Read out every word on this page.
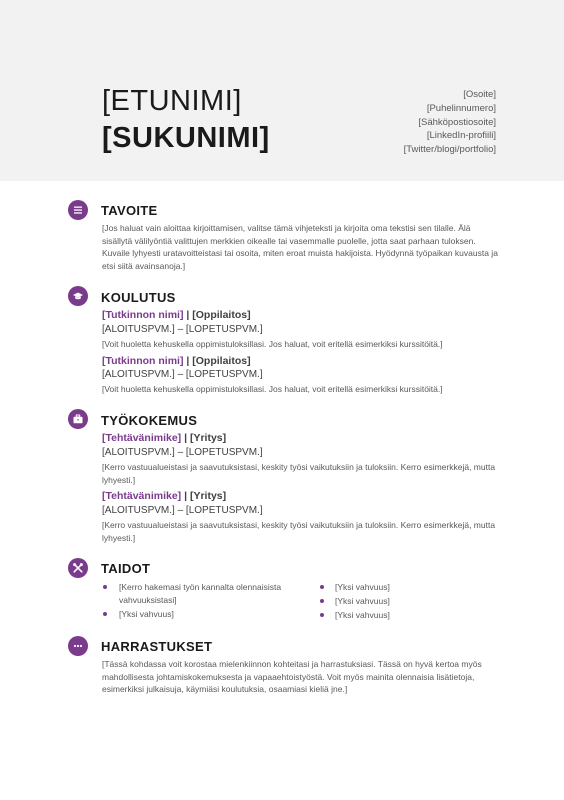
[ETUNIMI]
[SUKUNIMI]
[Osoite]
[Puhelinnumero]
[Sähköpostiosoite]
[LinkedIn-profiili]
[Twitter/blogi/portfolio]
TAVOITE
[Jos haluat vain aloittaa kirjoittamisen, valitse tämä vihjeteksti ja kirjoita oma tekstisi sen tilalle. Älä sisällytä välilyöntiä valittujen merkkien oikealle tai vasemmalle puolelle, jotta saat parhaan tuloksen. Kuvaile lyhyesti uratavoitteistasi tai osoita, miten eroat muista hakijoista. Hyödynnä työpaikan kuvausta ja etsi siitä avainsanoja.]
KOULUTUS
[Tutkinnon nimi] | [Oppilaitos]
[ALOITUSPVM.] – [LOPETUSPVM.]
[Voit huoletta kehuskella oppimistuloksillasi. Jos haluat, voit eritellä esimerkiksi kurssitöitä.]
[Tutkinnon nimi] | [Oppilaitos]
[ALOITUSPVM.] – [LOPETUSPVM.]
[Voit huoletta kehuskella oppimistuloksillasi. Jos haluat, voit eritellä esimerkiksi kurssitöitä.]
TYÖKOKEMUS
[Tehtävänimike] | [Yritys]
[ALOITUSPVM.] – [LOPETUSPVM.]
[Kerro vastuualueistasi ja saavutuksistasi, keskity työsi vaikutuksiin ja tuloksiin. Kerro esimerkkejä, mutta lyhyesti.]
[Tehtävänimike] | [Yritys]
[ALOITUSPVM.] – [LOPETUSPVM.]
[Kerro vastuualueistasi ja saavutuksistasi, keskity työsi vaikutuksiin ja tuloksiin. Kerro esimerkkejä, mutta lyhyesti.]
TAIDOT
[Kerro hakemasi työn kannalta olennaisista vahvuuksistasi]
[Yksi vahvuus]
[Yksi vahvuus]
[Yksi vahvuus]
[Yksi vahvuus]
HARRASTUKSET
[Tässä kohdassa voit korostaa mielenkiinnon kohteitasi ja harrastuksiasi. Tässä on hyvä kertoa myös mahdollisesta johtamiskokemuksesta ja vapaaehtoistyöstä. Voit myös mainita olennaisia lisätietoja, esimerkiksi julkaisuja, käymiäsi koulutuksia, osaamiasi kieliä jne.]
